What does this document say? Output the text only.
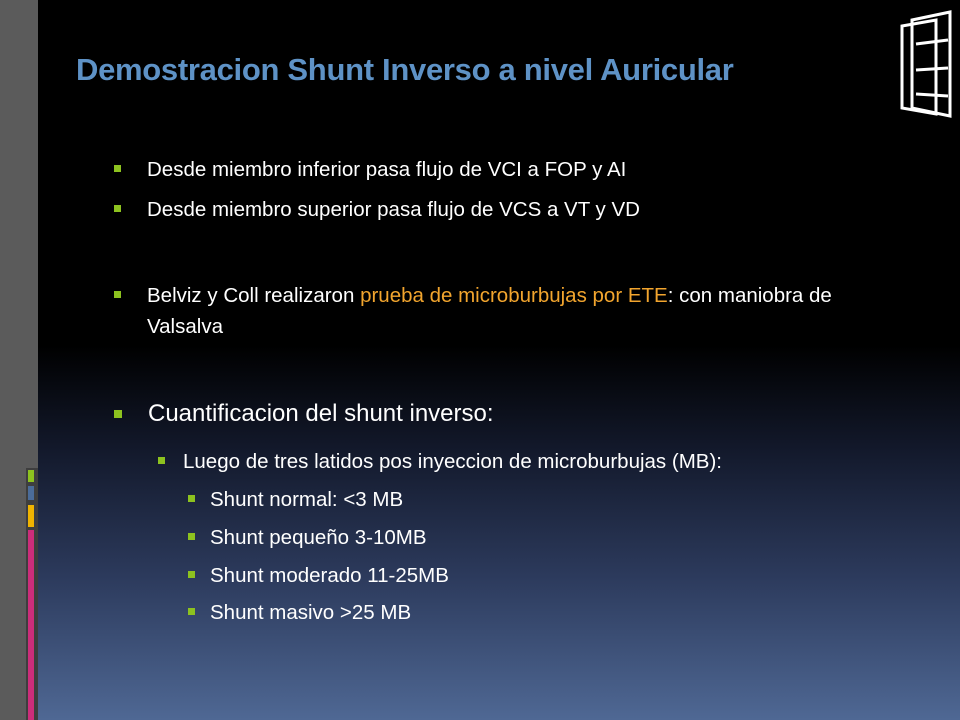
Demostracion Shunt Inverso a nivel Auricular
Desde miembro inferior pasa flujo de VCI a FOP y AI
Desde miembro superior pasa flujo de VCS a VT y VD
Belviz y Coll realizaron prueba de microburbujas por ETE: con maniobra de Valsalva
Cuantificacion del shunt inverso:
Luego de tres latidos pos inyeccion de microburbujas (MB):
Shunt normal: <3 MB
Shunt pequeño 3-10MB
Shunt moderado 11-25MB
Shunt masivo >25 MB
